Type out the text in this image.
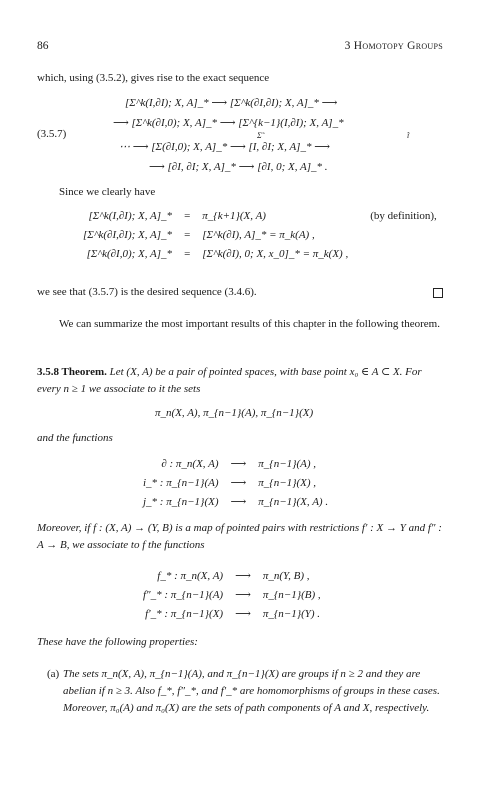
86	3 Homotopy Groups
which, using (3.5.2), gives rise to the exact sequence
(3.5.7)
[Σ^k(I,∂I); X, A]_* ⟶ [Σ^k(∂I,∂I); X, A]_* ⟶
⟶ [Σ^k(∂I,0); X, A]_* ⟶ [Σ^{k−1}(I,∂I); X, A]_*
⋯ ⟶ [Σ(∂I,0); X, A]_* ⟶ [I, ∂I; X, A]_* ⟶
Σ̃	ĩ
⟶ [∂I, ∂I; X, A]_* ⟶ [∂I, 0; X, A]_* .
Since we clearly have
[Σ^k(I,∂I); X, A]_*	=	π_{k+1}(X, A)	(by definition),
[Σ^k(∂I,∂I); X, A]_*	=	[Σ^k(∂I), A]_* = π_k(A) ,	
[Σ^k(∂I,0); X, A]_*	=	[Σ^k(∂I), 0; X, x_0]_* = π_k(X) ,	
we see that (3.5.7) is the desired sequence (3.4.6).
We can summarize the most important results of this chapter in the following theorem.
3.5.8 Theorem. Let (X, A) be a pair of pointed spaces, with base point x₀ ∈ A ⊂ X. For every n ≥ 1 we associate to it the sets
π_n(X, A), π_{n−1}(A), π_{n−1}(X)
and the functions
∂ : π_n(X, A)	⟶	π_{n−1}(A) ,
i_* : π_{n−1}(A)	⟶	π_{n−1}(X) ,
j_* : π_{n−1}(X)	⟶	π_{n−1}(X, A) .
Moreover, if f : (X, A) → (Y, B) is a map of pointed pairs with restrictions f′ : X → Y and f″ : A → B, we associate to f the functions
f_* : π_n(X, A)	⟶	π_n(Y, B) ,
f″_* : π_{n−1}(A)	⟶	π_{n−1}(B) ,
f′_* : π_{n−1}(X)	⟶	π_{n−1}(Y) .
These have the following properties:
(a) The sets π_n(X, A), π_{n−1}(A), and π_{n−1}(X) are groups if n ≥ 2 and they are abelian if n ≥ 3. Also f_*, f″_*, and f′_* are homomorphisms of groups in these cases. Moreover, π₀(A) and π₀(X) are the sets of path components of A and X, respectively.
